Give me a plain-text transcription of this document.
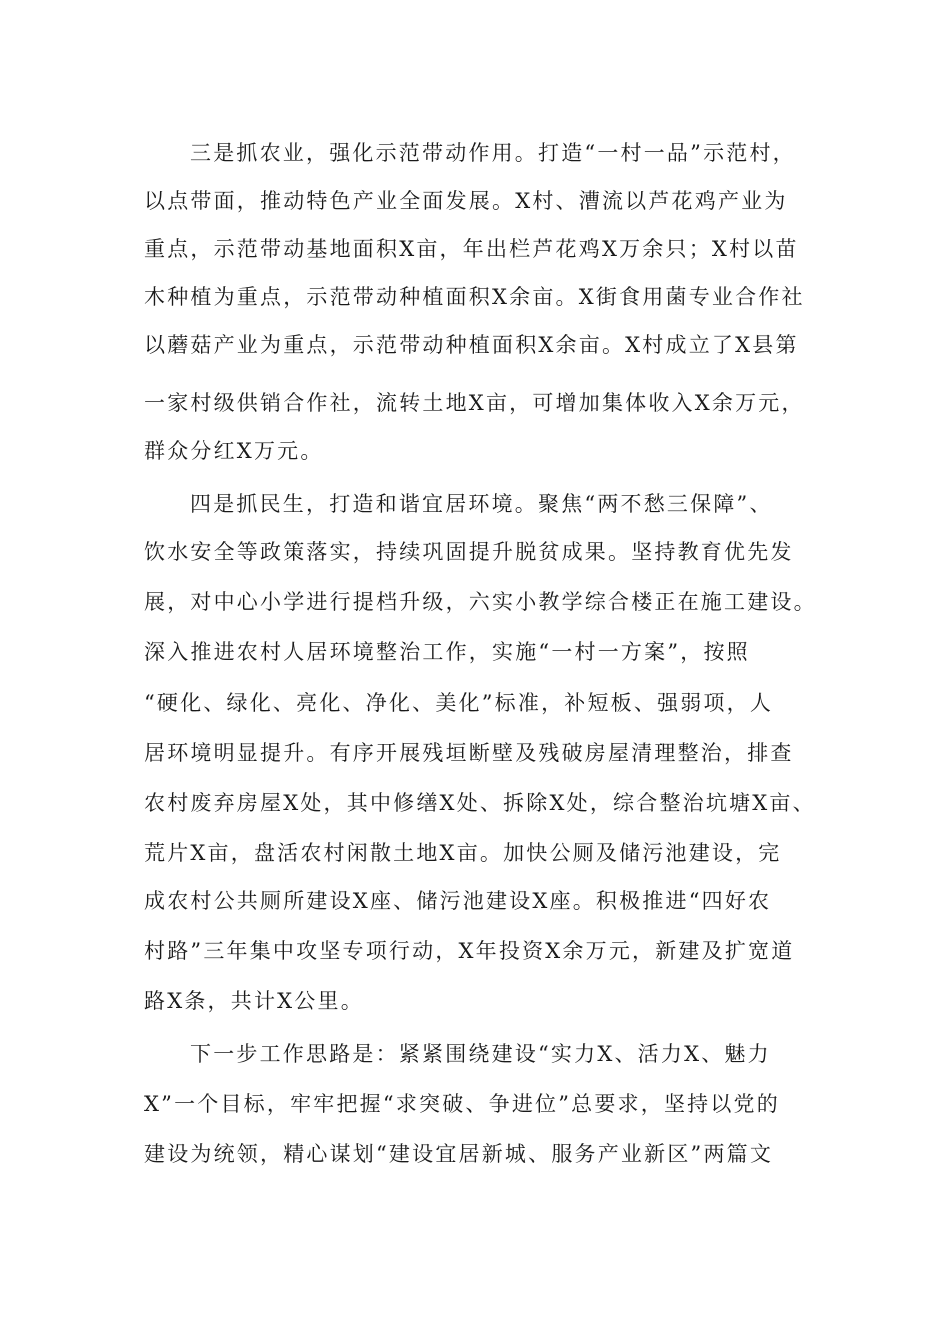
三是抓农业，强化示范带动作用。打造“一村一品”示范村，
以点带面，推动特色产业全面发展。X村、漕流以芦花鸡产业为
重点，示范带动基地面积X亩，年出栏芦花鸡X万余只；X村以苗
木种植为重点，示范带动种植面积X余亩。X街食用菌专业合作社
以蘑菇产业为重点，示范带动种植面积X余亩。X村成立了X县第
一家村级供销合作社，流转土地X亩，可增加集体收入X余万元，
群众分红X万元。
四是抓民生，打造和谐宜居环境。聚焦“两不愁三保障”、
饮水安全等政策落实，持续巩固提升脱贫成果。坚持教育优先发
展，对中心小学进行提档升级，六实小教学综合楼正在施工建设。
深入推进农村人居环境整治工作，实施“一村一方案”，按照
“硬化、绿化、亮化、净化、美化”标准，补短板、强弱项，人
居环境明显提升。有序开展残垣断壁及残破房屋清理整治，排查
农村废弃房屋X处，其中修缮X处、拆除X处，综合整治坑塘X亩、
荒片X亩，盘活农村闲散土地X亩。加快公厕及储污池建设，完
成农村公共厕所建设X座、储污池建设X座。积极推进“四好农
村路”三年集中攻坚专项行动，X年投资X余万元，新建及扩宽道
路X条，共计X公里。
下一步工作思路是：紧紧围绕建设“实力X、活力X、魅力
X”一个目标，牢牢把握“求突破、争进位”总要求，坚持以党的
建设为统领，精心谋划“建设宜居新城、服务产业新区”两篇文
